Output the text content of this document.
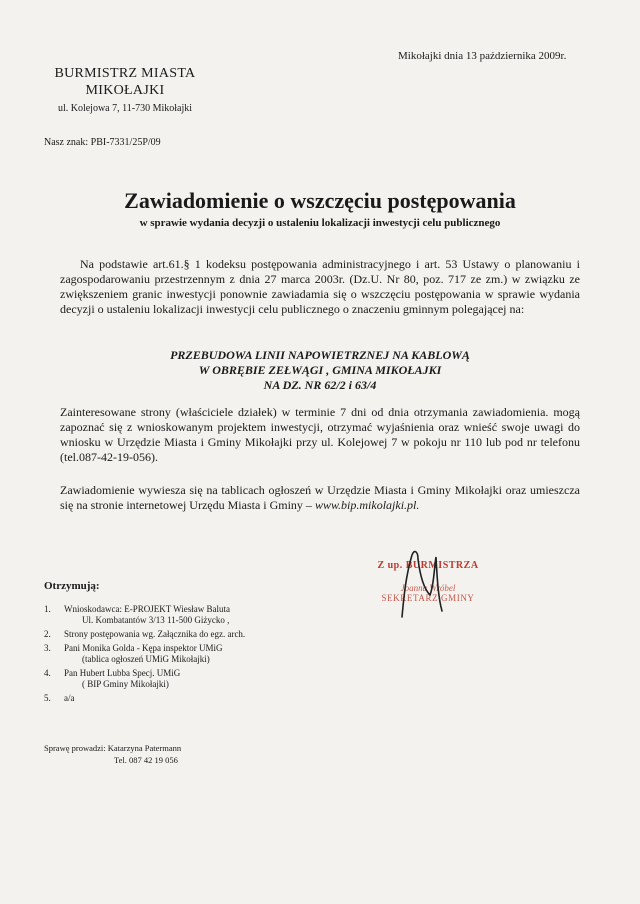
Mikołajki dnia 13 października 2009r.
BURMISTRZ MIASTA
MIKOŁAJKI
ul. Kolejowa 7, 11-730 Mikołajki
Nasz znak: PBI-7331/25P/09
Zawiadomienie o wszczęciu postępowania
w sprawie wydania decyzji o ustaleniu lokalizacji inwestycji celu publicznego
Na podstawie art.61.§ 1 kodeksu postępowania administracyjnego i art. 53 Ustawy o planowaniu i zagospodarowaniu przestrzennym z dnia 27 marca 2003r. (Dz.U. Nr 80, poz. 717 ze zm.) w związku ze zwiększeniem granic inwestycji ponownie zawiadamia się o wszczęciu postępowania w sprawie wydania decyzji o ustaleniu lokalizacji inwestycji celu publicznego o znaczeniu gminnym polegającej na:
PRZEBUDOWA LINII NAPOWIETRZNEJ NA KABLOWĄ
W OBRĘBIE ZEŁWĄGI , GMINA MIKOŁAJKI
NA DZ. NR 62/2 i 63/4
Zainteresowane strony (właściciele działek) w terminie 7 dni od dnia otrzymania zawiadomienia. mogą zapoznać się z wnioskowanym projektem inwestycji, otrzymać wyjaśnienia oraz wnieść swoje uwagi do wniosku w Urzędzie Miasta i Gminy Mikołajki przy ul. Kolejowej 7 w pokoju nr 110 lub pod nr telefonu (tel.087-42-19-056).
Zawiadomienie wywiesza się na tablicach ogłoszeń w Urzędzie Miasta i Gminy Mikołajki oraz umieszcza się na stronie internetowej Urzędu Miasta i Gminy – www.bip.mikolajki.pl.
Z up. BURMISTRZA
Joanna Wróbel
SEKRETARZ GMINY
Otrzymują:
1. Wnioskodawca: E-PROJEKT Wiesław Baluta
Ul. Kombatantów 3/13 11-500 Giżycko ,
2. Strony postępowania wg. Załącznika do egz. arch.
3. Pani Monika Golda - Kępa inspektor UMiG
(tablica ogłoszeń UMiG Mikołajki)
4. Pan Hubert Lubba Specj. UMiG
( BIP Gminy Mikołajki)
5. a/a
Sprawę prowadzi: Katarzyna Patermann
Tel. 087 42 19 056
